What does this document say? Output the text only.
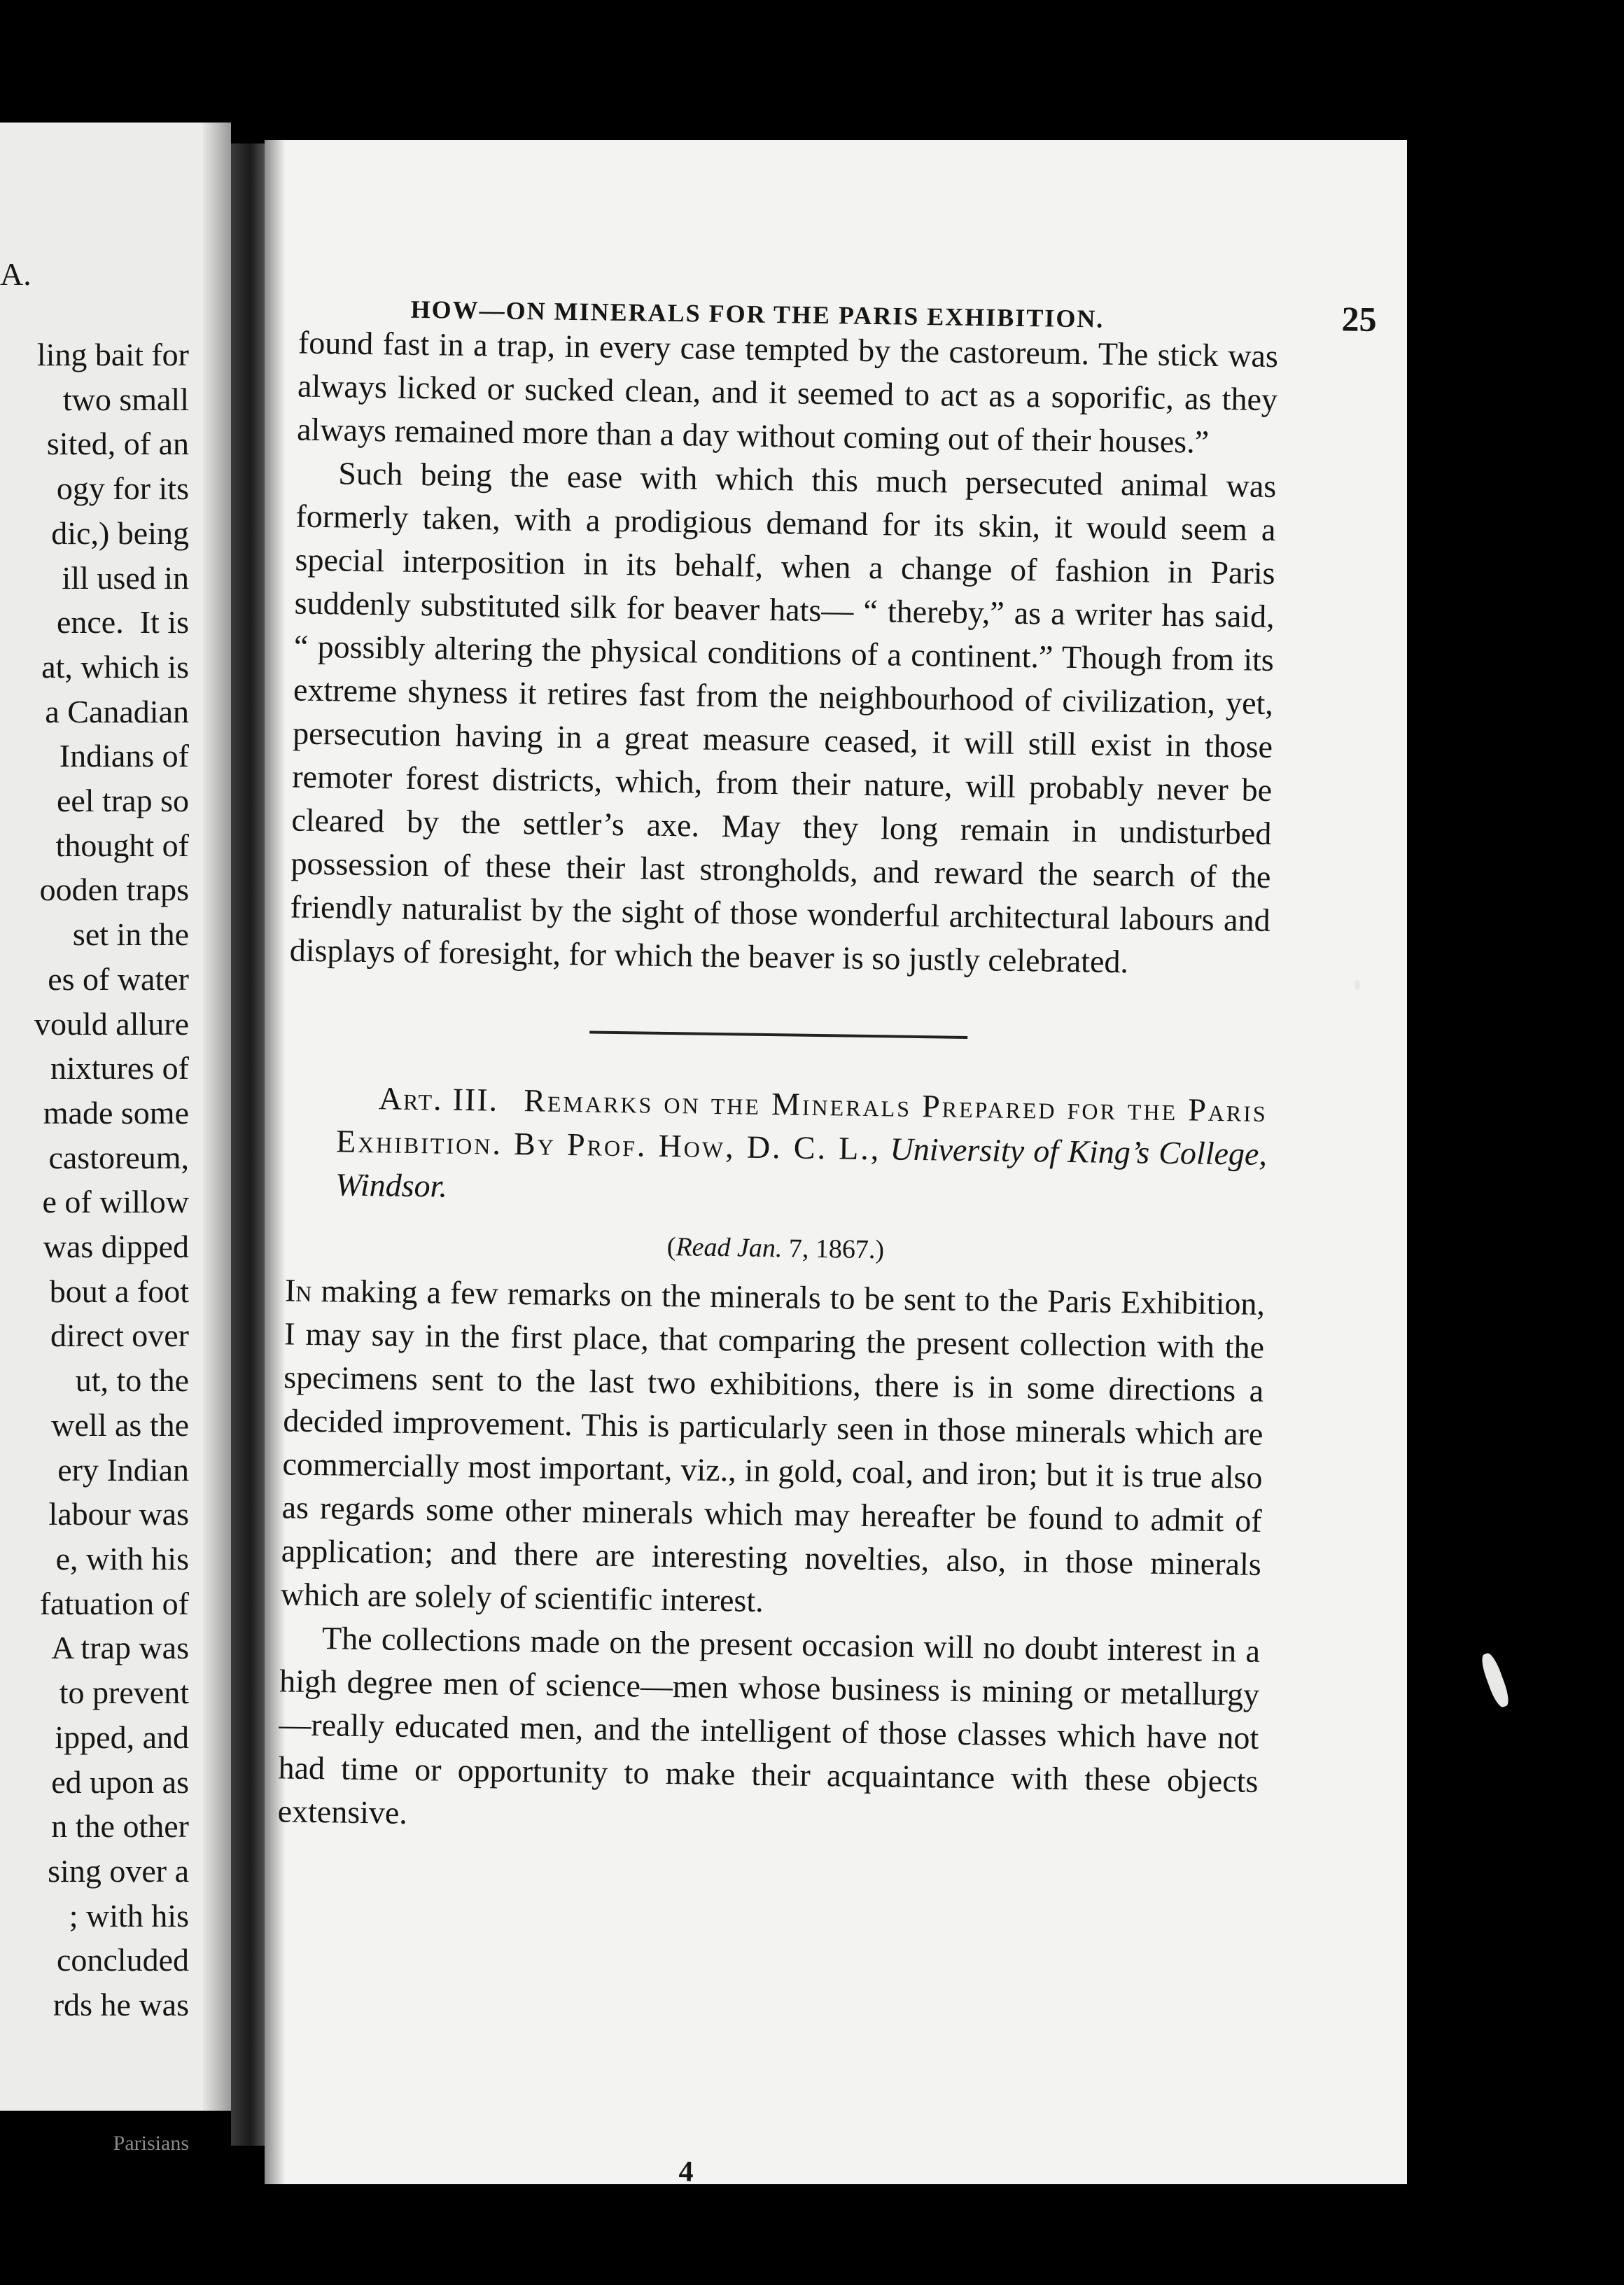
A.
ling bait for
two small
sited, of an
ogy for its
dic,) being
ill used in
ence.  It is
at, which is
a Canadian
Indians of
eel trap so
thought of
ooden traps
set in the
es of water
vould allure
nixtures of
made some
castoreum,
e of willow
was dipped
bout a foot
direct over
ut, to the
well as the
ery Indian
labour was
e, with his
fatuation of
A trap was
to prevent
ipped, and
ed upon as
n the other
sing over a
; with his
concluded
rds he was
Parisians
HOW—ON MINERALS FOR THE PARIS EXHIBITION.	25

found fast in a trap, in every case tempted by the castoreum. The stick was always licked or sucked clean, and it seemed to act as a soporific, as they always remained more than a day without coming out of their houses.”

Such being the ease with which this much persecuted animal was formerly taken, with a prodigious demand for its skin, it would seem a special interposition in its behalf, when a change of fashion in Paris suddenly substituted silk for beaver hats— “ thereby,” as a writer has said, “ possibly altering the physical conditions of a continent.” Though from its extreme shyness it retires fast from the neighbourhood of civilization, yet, persecution having in a great measure ceased, it will still exist in those remoter forest districts, which, from their nature, will probably never be cleared by the settler’s axe. May they long remain in undisturbed possession of these their last strongholds, and reward the search of the friendly naturalist by the sight of those wonderful architectural labours and displays of foresight, for which the beaver is so justly celebrated.

Art. III. Remarks on the Minerals Prepared for the Paris Exhibition. By Prof. How, D. C. L., University of King’s College, Windsor.

(Read Jan. 7, 1867.)

In making a few remarks on the minerals to be sent to the Paris Exhibition, I may say in the first place, that comparing the present collection with the specimens sent to the last two exhibitions, there is in some directions a decided improvement. This is particularly seen in those minerals which are commercially most important, viz., in gold, coal, and iron; but it is true also as regards some other minerals which may hereafter be found to admit of application; and there are interesting novelties, also, in those minerals which are solely of scientific interest.

The collections made on the present occasion will no doubt interest in a high degree men of science—men whose business is mining or metallurgy—really educated men, and the intelligent of those classes which have not had time or opportunity to make their acquaintance with these objects extensive.

4
